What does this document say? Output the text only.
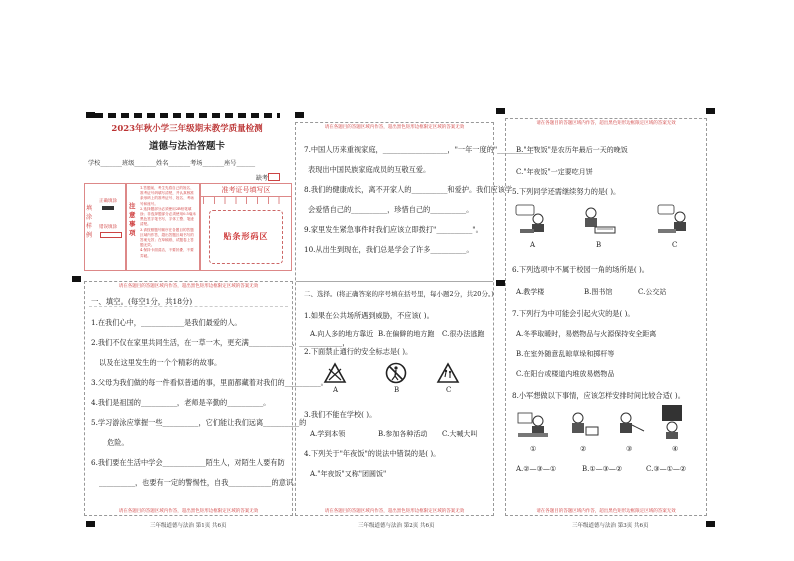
2023年秋小学三年级期末教学质量检测
道德与法治答题卡
学校_______班级_______姓名_______考场_______座号______
缺考
填涂样例
正确填涂
错误填涂
注意事项
1.答题前，考生先将自己的姓名、准考证号码填写清楚，并认真核准条形码上的准考证号、姓名、考场号和座号。
2.选择题部分必须使用2B铅笔填涂；非选择题部分必须使用0.5毫米黑色签字笔书写，字体工整、笔迹清楚。
3.请按照题号顺序在各题目的答题区域内作答，超出答题区域书写的答案无效；在草稿纸、试题卷上答题无效。
4.保持卡面清洁，不要折叠、不要弄破。
准考证号填写区
贴条形码区
请在各题目的答题区域内作答，超出黑色矩形边框限定区域的答案无效
一、填空。(每空1分，共18分)
1.在我们心中，____________是我们最爱的人。
2.我们不仅在家里共同生活，在一草一木，更充满____________、____________，
以及在这里发生的一个个精彩的故事。
3.父母为我们做的每一件看似普通的事，里面都藏着对我们的__________。
4.我们是祖国的__________，老师是辛勤的__________。
5.学习游泳应掌握一些__________，它们能让我们远离__________的
危险。
6.我们要在生活中学会____________陌生人，对陌生人要有防
__________，也要有一定的警惕性，自我____________的意识。
请在各题目的答题区域内作答，超出黑色矩形边框限定区域的答案无效
请在各题目的答题区域内作答，超出黑色矩形边框限定区域的答案无效
7.中国人历来重视家庭，__________________，"一年一度的"__________"
表现出中国民族家庭成员的互敬互爱。
8.我们的健康成长，离不开家人的__________和爱护。我们应该学
会爱惜自己的__________，珍惜自己的__________。
9.家里发生紧急事件时我们应该立即拨打"__________"。
10.从出生到现在，我们总是学会了许多__________。
二、选择。(将正确答案的序号填在括号里，每小题2分，共20分。)
1.如果在公共场所遇到威胁，不应该( )。
A.向人多的地方靠近 B.在偏僻的地方跑 C.很办法逃跑
2.下面禁止通行的安全标志是( )。
A	B	C
3.我们不能在学校( )。
A.学到本领	B.参加各种活动 C.大喊大叫
4.下列关于"年夜饭"的说法中错误的是( )。
A."年夜饭"又称"团圆饭"
请在各题目的答题区域内作答，超出黑色矩形边框限定区域的答案无效
请在各题目的答题区域内作答，超出黑色矩形边框限定区域的答案无效
B."年夜饭"是农历年最后一天的晚饭
C."年夜饭"一定要吃月饼
5.下列同学还需继续努力的是( )。
A	B	C
6.下列选项中不属于校园一角的场所是( )。
A.教学楼	B.图书馆	C.公交站
7.下列行为中可能会引起火灾的是( )。
A.冬季取暖时，易燃物品与火源保持安全距离
B.在室外随意乱晾草垛和掷杆等
C.在阳台或楼道内堆放易燃物品
8.小军想做以下事情，应该怎样安排时间比较合适( )。
①	②	③	④
A.②—③—①	B.①—③—②	C.③—①—②
请在各题目的答题区域内作答，超出黑色矩形边框限定区域的答案无效
三年级道德与法治 第1页 共6页	三年级道德与法治 第2页 共6页	三年级道德与法治 第3页 共6页
